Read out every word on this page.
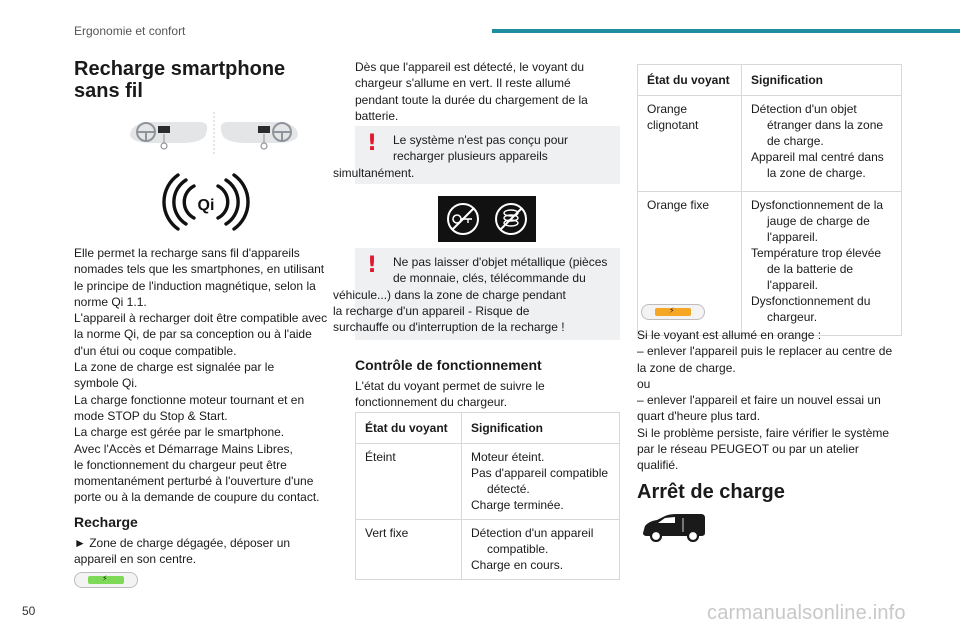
Ergonomie et confort
Recharge smartphone sans fil
Qi
Elle permet la recharge sans fil d'appareils
nomades tels que les smartphones, en utilisant
le principe de l'induction magnétique, selon la
norme Qi 1.1.
L'appareil à recharger doit être compatible avec
la norme Qi, de par sa conception ou à l'aide
d'un étui ou coque compatible.
La zone de charge est signalée par le
symbole Qi.
La charge fonctionne moteur tournant et en
mode STOP du Stop & Start.
La charge est gérée par le smartphone.
Avec l'Accès et Démarrage Mains Libres,
le fonctionnement du chargeur peut être
momentanément perturbé à l'ouverture d'une
porte ou à la demande de coupure du contact.
Recharge
► Zone de charge dégagée, déposer un
appareil en son centre.
⚡
Dès que l'appareil est détecté, le voyant du
chargeur s'allume en vert. Il reste allumé
pendant toute la durée du chargement de la
batterie.
!	Le système n'est pas conçu pour
recharger plusieurs appareils
simultanément.
!	Ne pas laisser d'objet métallique (pièces
de monnaie, clés, télécommande du
véhicule...) dans la zone de charge pendant
la recharge d'un appareil - Risque de
surchauffe ou d'interruption de la recharge !
Contrôle de fonctionnement
L'état du voyant permet de suivre le
fonctionnement du chargeur.
État du voyant	Signification
Éteint	Moteur éteint.
Pas d'appareil compatible détecté.
Charge terminée.

Vert fixe	Détection d'un appareil compatible.
Charge en cours.
État du voyant	Signification
Orange clignotant	Détection d'un objet étranger dans la zone de charge.
Appareil mal centré dans la zone de charge.

Orange fixe	Dysfonctionnement de la jauge de charge de l'appareil.
Température trop élevée de la batterie de l'appareil.
Dysfonctionnement du chargeur.
⚡
Si le voyant est allumé en orange :
– enlever l'appareil puis le replacer au centre de
la zone de charge.
ou
– enlever l'appareil et faire un nouvel essai un
quart d'heure plus tard.
Si le problème persiste, faire vérifier le système
par le réseau PEUGEOT ou par un atelier
qualifié.
Arrêt de charge
50	carmanualsonline.info
